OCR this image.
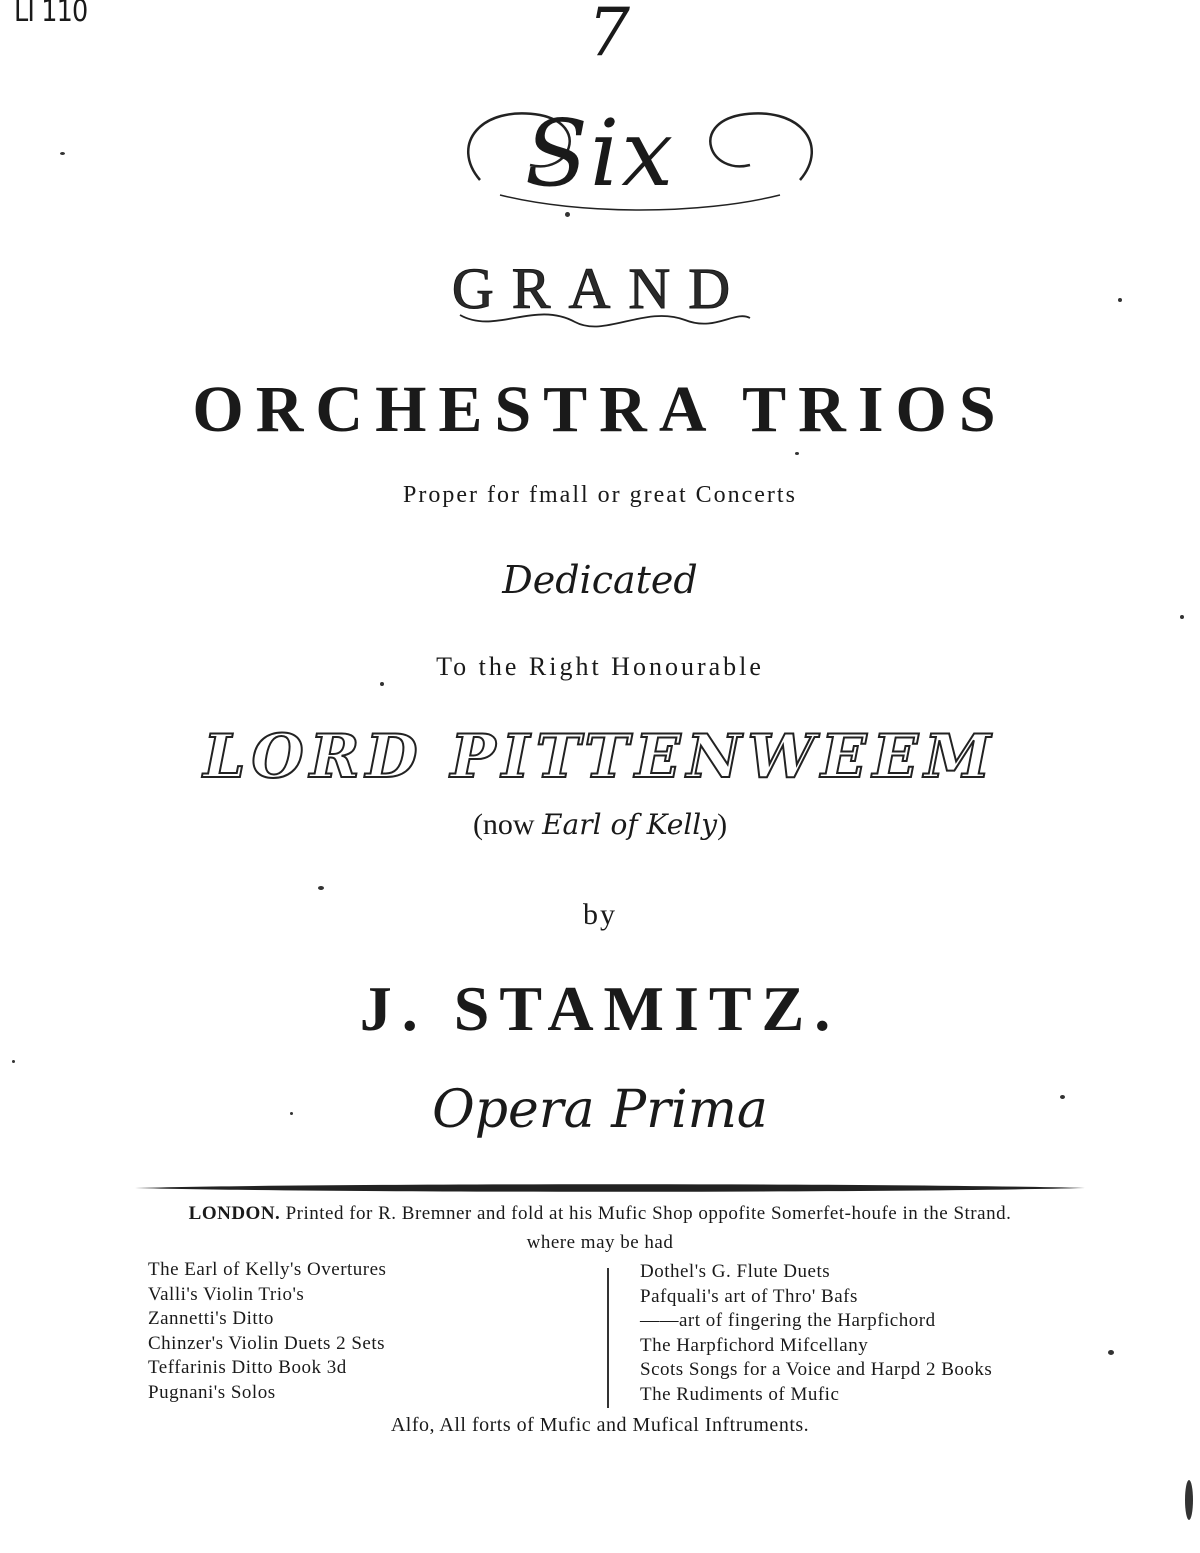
LI 110	7
Six
GRAND
ORCHESTRA TRIOS
Proper for fmall or great Concerts
Dedicated
To the Right Honourable
LORD PITTENWEEM
(now Earl of Kelly)
by
J. STAMITZ.
Opera Prima
LONDON. Printed for R. Bremner and fold at his Mufic Shop oppofite Somerfet-houfe in the Strand.
where may be had
The Earl of Kelly's Overtures
Valli's Violin Trio's
Zannetti's Ditto
Chinzer's Violin Duets 2 Sets
Teffarinis Ditto Book 3d
Pugnani's Solos
Dothel's G. Flute Duets
Pafquali's art of Thro' Bafs
——art of fingering the Harpfichord
The Harpfichord Mifcellany
Scots Songs for a Voice and Harpd 2 Books
The Rudiments of Mufic
Alfo, All forts of Mufic and Mufical Inftruments.
